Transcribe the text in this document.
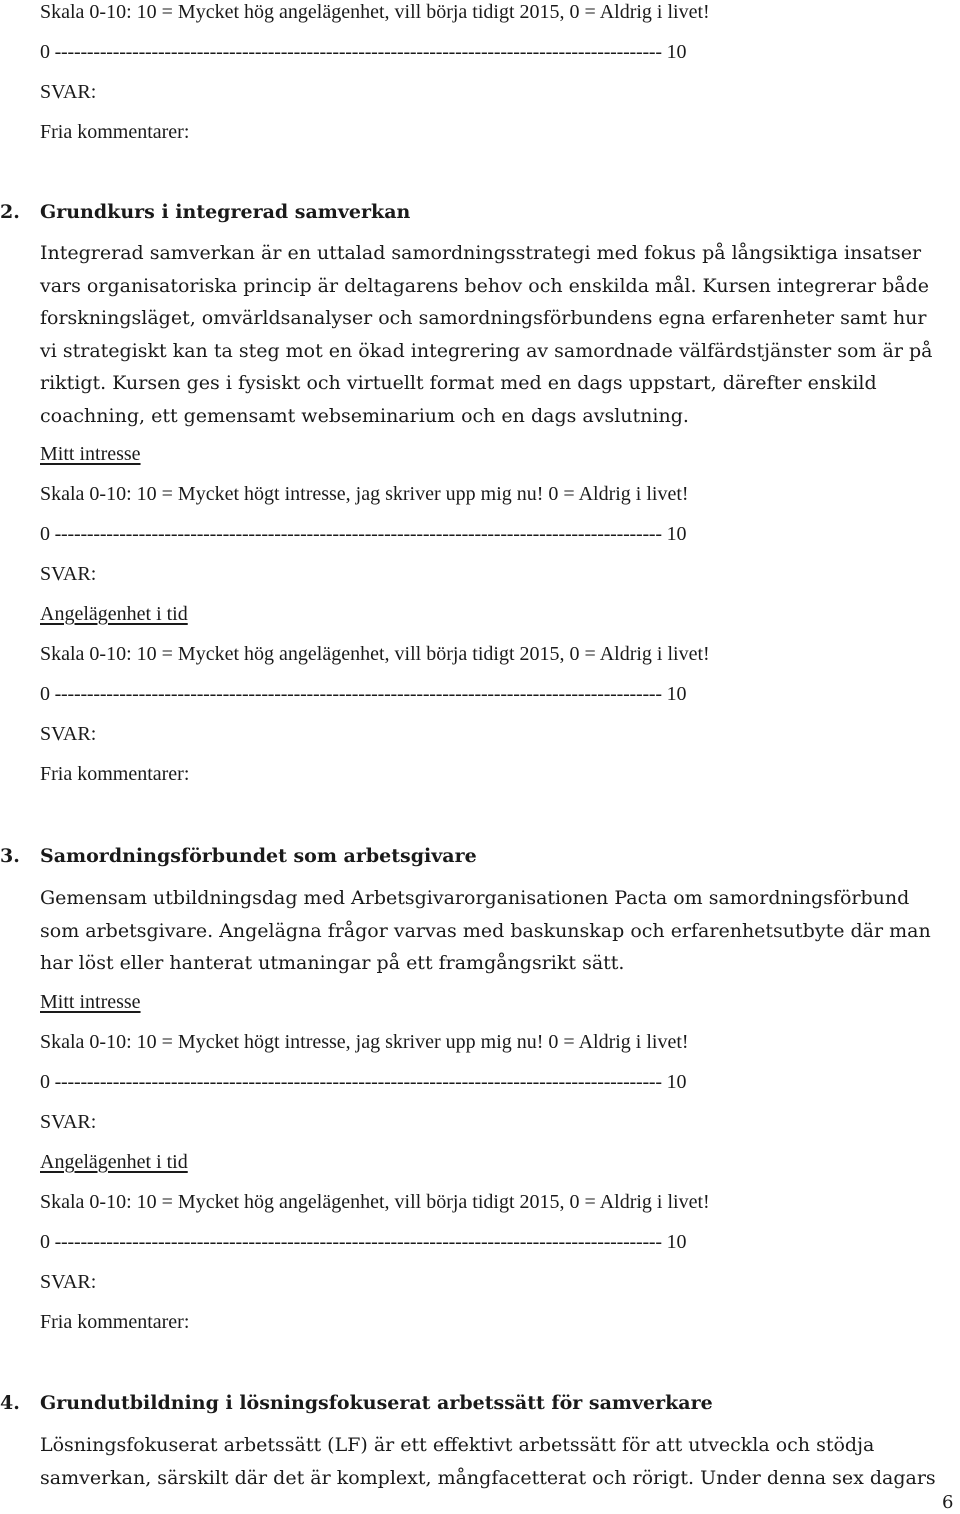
Skala 0-10: 10 = Mycket hög angelägenhet, vill börja tidigt 2015, 0 = Aldrig i livet!
0 ---------------------------------------------------------------------------------------------- 10
SVAR:
Fria kommentarer:
2. Grundkurs i integrerad samverkan
Integrerad samverkan är en uttalad samordningsstrategi med fokus på långsiktiga insatser
vars organisatoriska princip är deltagarens behov och enskilda mål. Kursen integrerar både
forskningsläget, omvärldsanalyser och samordningsförbundens egna erfarenheter samt hur
vi strategiskt kan ta steg mot en ökad integrering av samordnade välfärdstjänster som är på
riktigt. Kursen ges i fysiskt och virtuellt format med en dags uppstart, därefter enskild
coachning, ett gemensamt webseminarium och en dags avslutning.
Mitt intresse
Skala 0-10: 10 = Mycket högt intresse, jag skriver upp mig nu! 0 = Aldrig i livet!
0 ---------------------------------------------------------------------------------------------- 10
SVAR:
Angelägenhet i tid
Skala 0-10: 10 = Mycket hög angelägenhet, vill börja tidigt 2015, 0 = Aldrig i livet!
0 ---------------------------------------------------------------------------------------------- 10
SVAR:
Fria kommentarer:
3. Samordningsförbundet som arbetsgivare
Gemensam utbildningsdag med Arbetsgivarorganisationen Pacta om samordningsförbund
som arbetsgivare. Angelägna frågor varvas med baskunskap och erfarenhetsutbyte där man
har löst eller hanterat utmaningar på ett framgångsrikt sätt.
Mitt intresse
Skala 0-10: 10 = Mycket högt intresse, jag skriver upp mig nu! 0 = Aldrig i livet!
0 ---------------------------------------------------------------------------------------------- 10
SVAR:
Angelägenhet i tid
Skala 0-10: 10 = Mycket hög angelägenhet, vill börja tidigt 2015, 0 = Aldrig i livet!
0 ---------------------------------------------------------------------------------------------- 10
SVAR:
Fria kommentarer:
4. Grundutbildning i lösningsfokuserat arbetssätt för samverkare
Lösningsfokuserat arbetssätt (LF) är ett effektivt arbetssätt för att utveckla och stödja
samverkan, särskilt där det är komplext, mångfacetterat och rörigt. Under denna sex dagars
6
